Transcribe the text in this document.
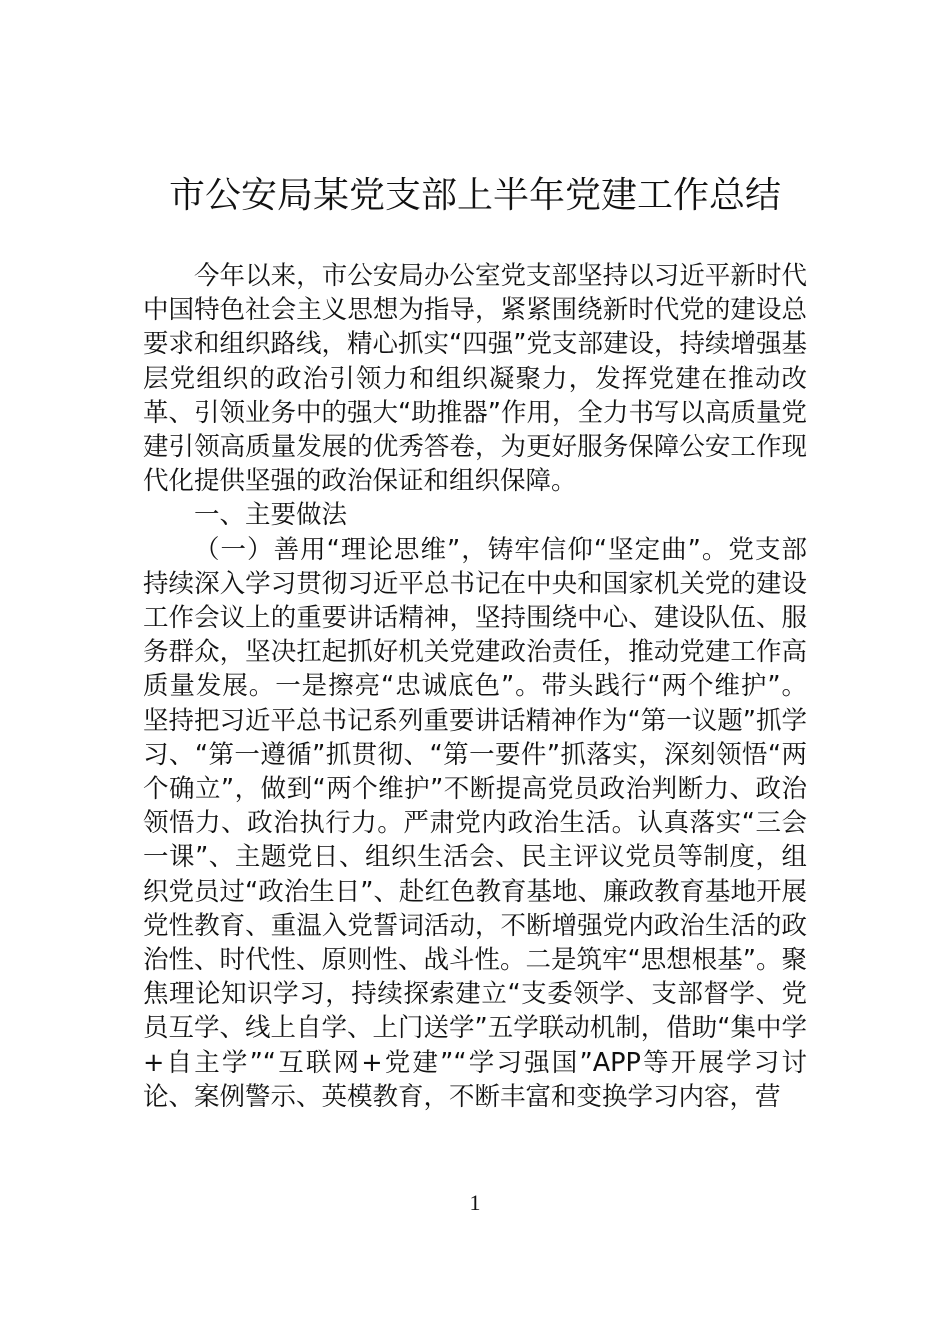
市公安局某党支部上半年党建工作总结

今年以来，市公安局办公室党支部坚持以习近平新时代中国特色社会主义思想为指导，紧紧围绕新时代党的建设总要求和组织路线，精心抓实“四强”党支部建设，持续增强基层党组织的政治引领力和组织凝聚力，发挥党建在推动改革、引领业务中的强大“助推器”作用，全力书写以高质量党建引领高质量发展的优秀答卷，为更好服务保障公安工作现代化提供坚强的政治保证和组织保障。

一、主要做法

（一）善用“理论思维”，铸牢信仰“坚定曲”。党支部持续深入学习贯彻习近平总书记在中央和国家机关党的建设工作会议上的重要讲话精神，坚持围绕中心、建设队伍、服务群众，坚决扛起抓好机关党建政治责任，推动党建工作高质量发展。一是擦亮“忠诚底色”。带头践行“两个维护”。坚持把习近平总书记系列重要讲话精神作为“第一议题”抓学习、“第一遵循”抓贯彻、“第一要件”抓落实，深刻领悟“两个确立”，做到“两个维护”不断提高党员政治判断力、政治领悟力、政治执行力。严肃党内政治生活。认真落实“三会一课”、主题党日、组织生活会、民主评议党员等制度，组织党员过“政治生日”、赴红色教育基地、廉政教育基地开展党性教育、重温入党誓词活动，不断增强党内政治生活的政治性、时代性、原则性、战斗性。二是筑牢“思想根基”。聚焦理论知识学习，持续探索建立“支委领学、支部督学、党员互学、线上自学、上门送学”五学联动机制，借助“集中学+自主学”“互联网+党建”“学习强国”APP等开展学习讨论、案例警示、英模教育，不断丰富和变换学习内容，营

1
